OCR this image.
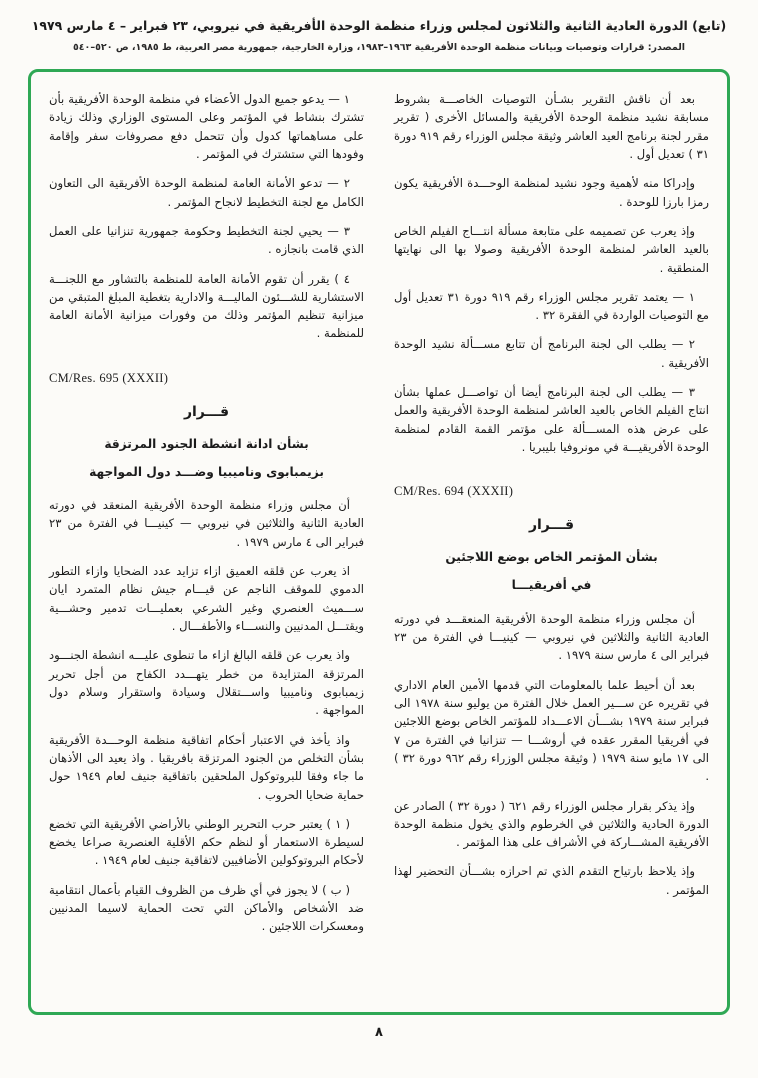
(تابع) الدورة العادية الثانية والثلاثون لمجلس وزراء منظمة الوحدة الأفريقية في نيروبي، ٢٣ فبراير – ٤ مارس ١٩٧٩
المصدر: قرارات وتوصيات وبيانات منظمة الوحدة الأفريقية ١٩٦٣–١٩٨٣، وزارة الخارجية، جمهورية مصر العربية، ط ١٩٨٥، ص ٥٢٠–٥٤٠

بعد أن ناقش التقرير بشـأن التوصيات الخاصـــة بشروط مسابقة نشيد منظمة الوحدة الأفريقية والمسائل الأخرى ( تقرير مقرر لجنة برنامج العيد العاشر وثيقة مجلس الوزراء رقم ٩١٩ دورة ٣١ ) تعديل أول .

وإدراكا منه لأهمية وجود نشيد لمنظمة الوحـــدة الأفريقية يكون رمزا بارزا للوحدة .

وإذ يعرب عن تصميمه على متابعة مسألة انتـــاج الفيلم الخاص بالعيد العاشر لمنظمة الوحدة الأفريقية وصولا بها الى نهايتها المنطقية .

١ — يعتمد تقرير مجلس الوزراء رقم ٩١٩ دورة ٣١ تعديل أول مع التوصيات الواردة في الفقرة ٣٢ .

٢ — يطلب الى لجنة البرنامج أن تتابع مســـألة نشيد الوحدة الأفريقية .

٣ — يطلب الى لجنة البرنامج أيضا أن تواصـــل عملها بشأن انتاج الفيلم الخاص بالعيد العاشر لمنظمة الوحدة الأفريقية والعمل على عرض هذه المســـألة على مؤتمر القمة القادم لمنظمة الوحدة الأفريقيـــة في مونروفيا بليبريا .

CM/Res. 694 (XXXII)

قـــرار

بشأن المؤتمر الخاص بوضع اللاجئين

في أفريقيـــا

أن مجلس وزراء منظمة الوحدة الأفريقية المنعقـــد في دورته العادية الثانية والثلاثين في نيروبي — كينيـــا في الفترة من ٢٣ فبراير الى ٤ مارس سنة ١٩٧٩ .

بعد أن أحيط علما بالمعلومات التي قدمها الأمين العام الاداري في تقريره عن ســـير العمل خلال الفترة من يوليو سنة ١٩٧٨ الى فبراير سنة ١٩٧٩ بشـــأن الاعـــداد للمؤتمر الخاص بوضع اللاجئين في أفريقيا المقرر عقده في أروشـــا — تنزانيا في الفترة من ٧ الى ١٧ مايو سنة ١٩٧٩ ( وثيقة مجلس الوزراء رقم ٩٦٢ دورة ٣٢ ) .

وإذ يذكر بقرار مجلس الوزراء رقم ٦٢١ ( دورة ٣٢ ) الصادر عن الدورة الحادية والثلاثين في الخرطوم والذي يخول منظمة الوحدة الأفريقية المشـــاركة في الأشراف على هذا المؤتمر .

وإذ يلاحظ بارتياح التقدم الذي تم احرازه بشـــأن التحضير لهذا المؤتمر .

١ — يدعو جميع الدول الأعضاء في منظمة الوحدة الأفريقية بأن تشترك بنشاط في المؤتمر وعلى المستوى الوزاري وذلك زيادة على مساهماتها كدول وأن تتحمل دفع مصروفات سفر وإقامة وفودها التي ستشترك في المؤتمر .

٢ — تدعو الأمانة العامة لمنظمة الوحدة الأفريقية الى التعاون الكامل مع لجنة التخطيط لانجاح المؤتمر .

٣ — يحيي لجنة التخطيط وحكومة جمهورية تنزانيا على العمل الذي قامت بانجازه .

٤ ) يقرر أن تقوم الأمانة العامة للمنظمة بالتشاور مع اللجنـــة الاستشارية للشـــئون الماليـــة والادارية بتغطية المبلغ المتبقي من ميزانية تنظيم المؤتمر وذلك من وفورات ميزانية الأمانة العامة للمنظمة .

CM/Res. 695 (XXXII)

قـــرار

بشأن ادانة انشطة الجنود المرتزقة

بزيمبابوى وناميبيا وضـــد دول المواجهة

أن مجلس وزراء منظمة الوحدة الأفريقية المنعقد في دورته العادية الثانية والثلاثين في نيروبي — كينيـــا في الفترة من ٢٣ فبراير الى ٤ مارس ١٩٧٩ .

اذ يعرب عن قلقه العميق ازاء تزايد عدد الضحايا وازاء التطور الدموي للموقف الناجم عن قيـــام جيش نظام المتمرد ايان ســـميث العنصري وغير الشرعي بعمليـــات تدمير وحشـــية ويقتـــل المدنيين والنســـاء والأطفـــال .

واذ يعرب عن قلقه البالغ ازاء ما تنطوى عليـــه انشطة الجنـــود المرتزقة المتزايدة من خطر يتهـــدد الكفاح من أجل تحرير زيمبابوى وناميبيا واســـتقلال وسيادة واستقرار وسلام دول المواجهة .

واذ يأخذ في الاعتبار أحكام اتفاقية منظمة الوحـــدة الأفريقية بشأن التخلص من الجنود المرتزقة بافريقيا . واذ يعيد الى الأذهان ما جاء وفقا للبروتوكول الملحقين باتفاقية جنيف لعام ١٩٤٩ حول حماية ضحايا الحروب .

( ١ ) يعتبر حرب التحرير الوطني بالأراضي الأفريقية التي تخضع لسيطرة الاستعمار أو لنظم حكم الأقلية العنصرية صراعا يخضع لأحكام البروتوكولين الأضافيين لاتفاقية جنيف لعام ١٩٤٩ .

( ب ) لا يجوز في أي ظرف من الظروف القيام بأعمال انتقامية ضد الأشخاص والأماكن التي تحت الحماية لاسيما المدنيين ومعسكرات اللاجئين .

٨
